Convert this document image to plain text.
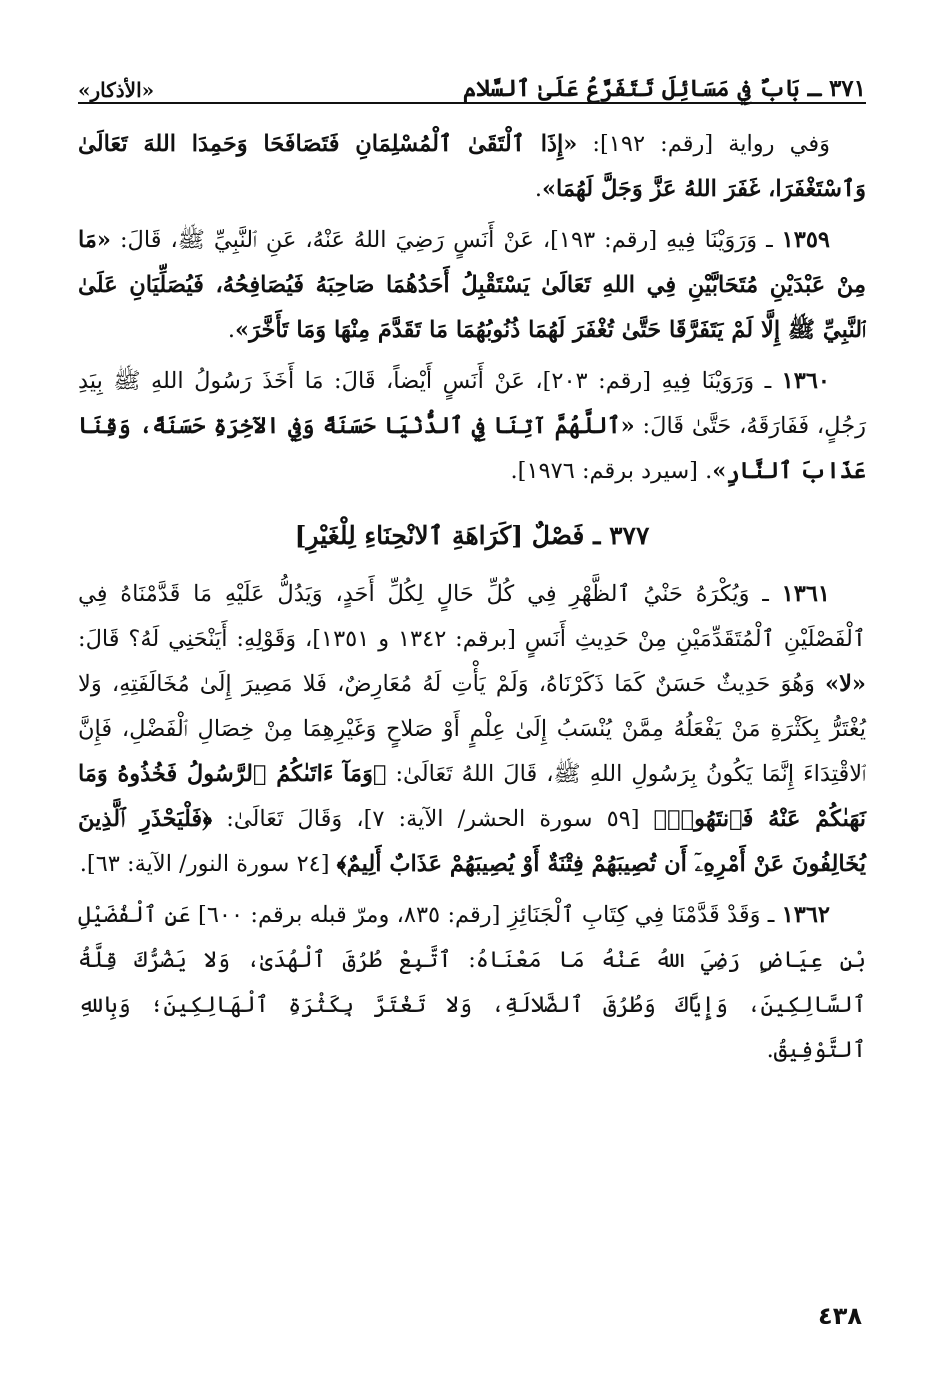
٣٧١ ـ بَابٌ فِي مَسَائِلَ تَتَفَرَّعُ عَلَىٰ ٱلسَّلام
«الأذكار»

وَفي رواية [رقم: ١٩٢]: «إِذَا ٱلْتَقَىٰ ٱلْمُسْلِمَانِ فَتَصَافَحَا وَحَمِدَا اللهَ تَعَالَىٰ وَٱسْتَغْفَرَا، غَفَرَ اللهُ عَزَّ وَجَلَّ لَهُمَا».

١٣٥٩ ـ وَرَوَيْنَا فِيهِ [رقم: ١٩٣]، عَنْ أَنَسٍ رَضِيَ اللهُ عَنْهُ، عَنِ ٱلنَّبِيِّ ﷺ، قَالَ: «مَا مِنْ عَبْدَيْنِ مُتَحَابَّيْنِ فِي اللهِ تَعَالَىٰ يَسْتَقْبِلُ أَحَدُهُمَا صَاحِبَهُ فَيُصَافِحُهُ، فَيُصَلِّيَانِ عَلَىٰ ٱلنَّبِيِّ ﷺ إِلَّا لَمْ يَتَفَرَّقَا حَتَّىٰ تُغْفَرَ لَهُمَا ذُنُوبُهُمَا مَا تَقَدَّمَ مِنْهَا وَمَا تَأَخَّرَ».

١٣٦٠ ـ وَرَوَيْنَا فِيهِ [رقم: ٢٠٣]، عَنْ أَنَسٍ أَيْضاً، قَالَ: مَا أَخَذَ رَسُولُ اللهِ ﷺ بِيَدِ رَجُلٍ، فَفَارَقَهُ، حَتَّىٰ قَالَ: «ٱللَّهُمَّ آتِنَا فِي ٱلدُّنْيَا حَسَنَةً وَفِي الآخِرَةِ حَسَنَةً، وَقِنَا عَذَابَ ٱلنَّارِ». [سيرد برقم: ١٩٧٦].

٣٧٧ ـ فَصْلٌ [كَرَاهَةِ ٱلانْحِنَاءِ لِلْغَيْرِ]

١٣٦١ ـ وَيُكْرَهُ حَنْيُ ٱلظَّهْرِ فِي كُلِّ حَالٍ لِكُلِّ أَحَدٍ، وَيَدُلُّ عَلَيْهِ مَا قَدَّمْنَاهُ فِي ٱلْفَصْلَيْنِ ٱلْمُتَقَدِّمَيْنِ مِنْ حَدِيثِ أَنَسٍ [برقم: ١٣٤٢ و ١٣٥١]، وَقَوْلِهِ: أَيَنْحَنِي لَهُ؟ قَالَ: «لا» وَهُوَ حَدِيثٌ حَسَنٌ كَمَا ذَكَرْنَاهُ، وَلَمْ يَأْتِ لَهُ مُعَارِضٌ، فَلا مَصِيرَ إِلَىٰ مُخَالَفَتِهِ، وَلا يُغْتَرُّ بِكَثْرَةِ مَنْ يَفْعَلُهُ مِمَّنْ يُنْسَبُ إِلَىٰ عِلْمٍ أَوْ صَلاحٍ وَغَيْرِهِمَا مِنْ خِصَالِ ٱلْفَضْلِ، فَإِنَّ ٱلاقْتِدَاءَ إِنَّمَا يَكُونُ بِرَسُولِ اللهِ ﷺ، قَالَ اللهُ تَعَالَىٰ: ﴿وَمَآ ءَاتَىٰكُمُ ٱلرَّسُولُ فَخُذُوهُ وَمَا نَهَىٰكُمْ عَنْهُ فَٱنتَهُوا۟﴾ [٥٩ سورة الحشر/ الآية: ٧]، وَقَالَ تَعَالَىٰ: ﴿فَلْيَحْذَرِ ٱلَّذِينَ يُخَالِفُونَ عَنْ أَمْرِهِۦٓ أَن تُصِيبَهُمْ فِتْنَةٌ أَوْ يُصِيبَهُمْ عَذَابٌ أَلِيمٌ﴾ [٢٤ سورة النور/ الآية: ٦٣].

١٣٦٢ ـ وَقَدْ قَدَّمْنَا فِي كِتَابِ ٱلْجَنَائِزِ [رقم: ٨٣٥، ومرّ قبله برقم: ٦٠٠] عَنِ ٱلْفُضَيْلِ بْنِ عِيَاضٍ رَضِيَ اللهُ عَنْهُ مَا مَعْنَاهُ: ٱتَّبِعْ طُرُقَ ٱلْهُدَىٰ، وَلا يَضُرُّكَ قِلَّةُ ٱلسَّالِكِينَ، وَإِيَّاكَ وَطُرُقَ ٱلضَّلالَةِ، وَلا تَغْتَرَّ بِكَثْرَةِ ٱلْهَالِكِينَ؛ وَبِاللهِ ٱلتَّوْفِيقُ.

٤٣٨
